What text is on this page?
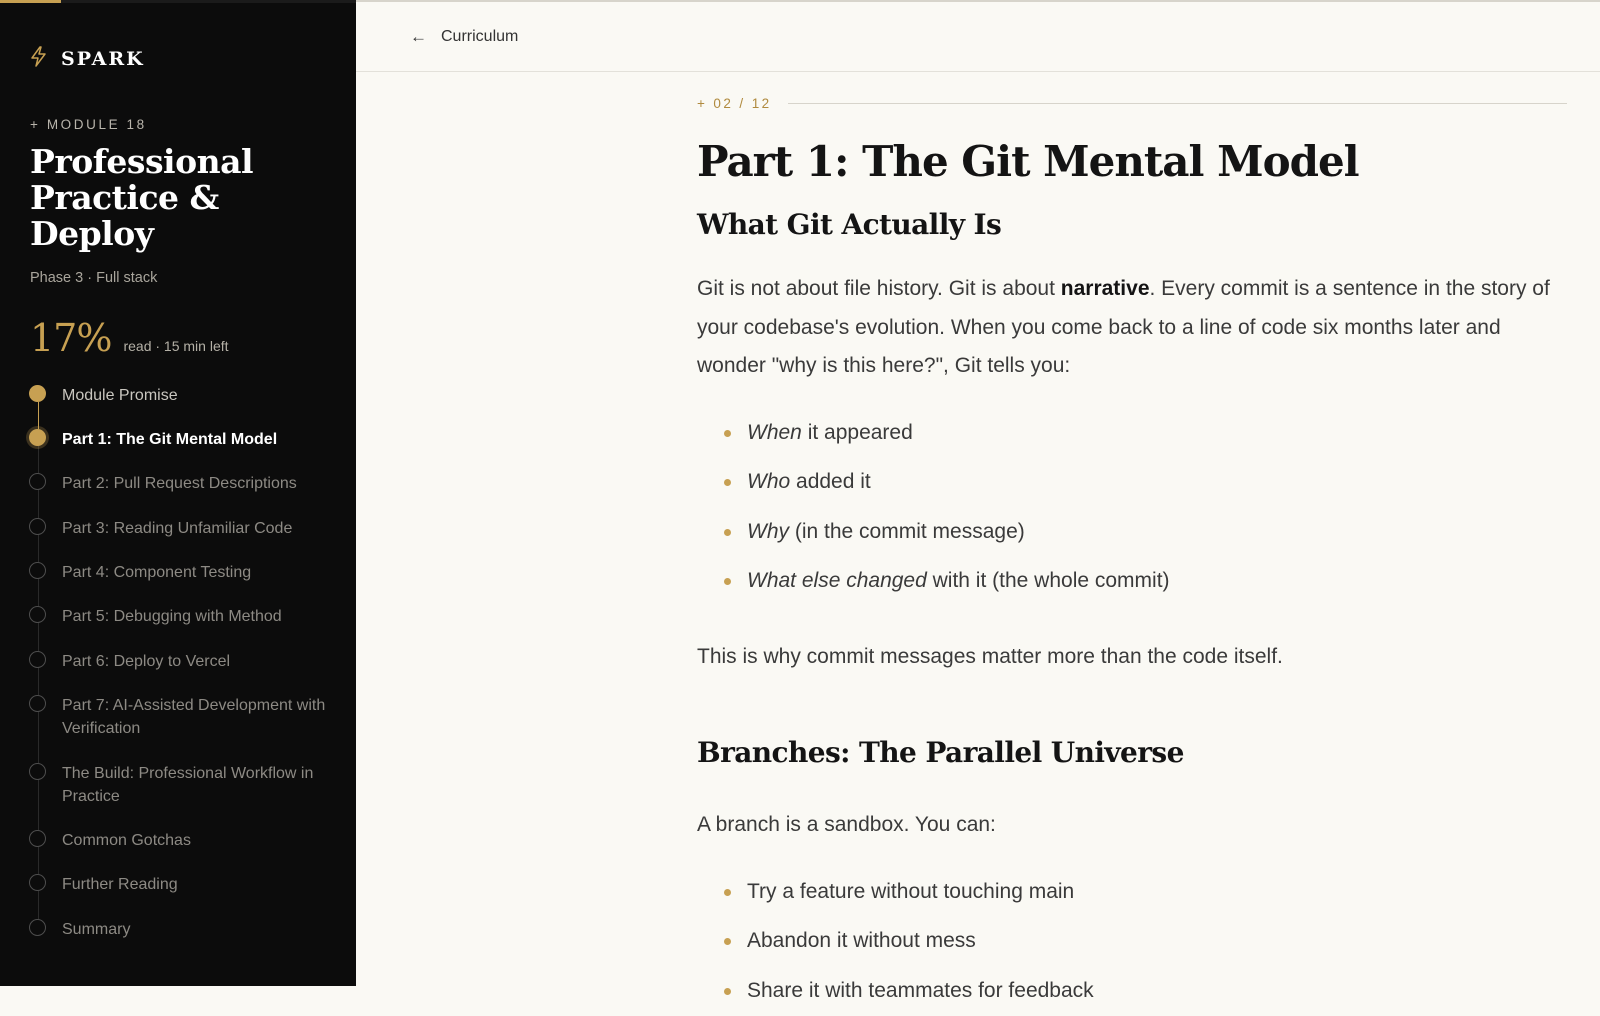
SPARK
+ MODULE 18
Professional Practice & Deploy
Phase 3 · Full stack
17% read · 15 min left
Module Promise
Part 1: The Git Mental Model
Part 2: Pull Request Descriptions
Part 3: Reading Unfamiliar Code
Part 4: Component Testing
Part 5: Debugging with Method
Part 6: Deploy to Vercel
Part 7: AI-Assisted Development with Verification
The Build: Professional Workflow in Practice
Common Gotchas
Further Reading
Summary
← Curriculum
+ 02 / 12
Part 1: The Git Mental Model
What Git Actually Is

Git is not about file history. Git is about narrative. Every commit is a sentence in the story of your codebase's evolution. When you come back to a line of code six months later and wonder "why is this here?", Git tells you:

When it appeared
Who added it
Why (in the commit message)
What else changed with it (the whole commit)

This is why commit messages matter more than the code itself.

Branches: The Parallel Universe

A branch is a sandbox. You can:

Try a feature without touching main
Abandon it without mess
Share it with teammates for feedback
